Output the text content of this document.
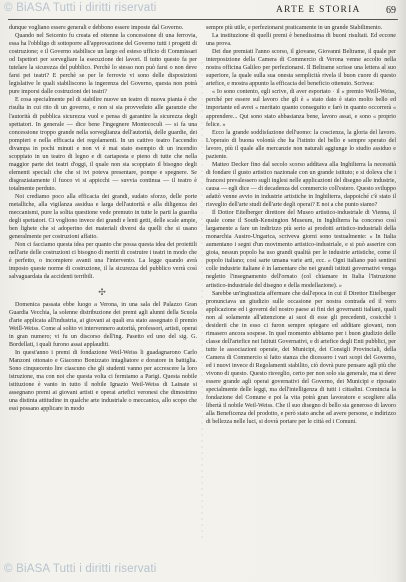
© BiASA Tutti i diritti riservati	ARTE E STORIA	69

dunque vogliano essere generali e debbono essere imposte dal Governo.

Quando nel Seicento fu creata ed ottenne la concessione di una ferrovia, essa ha l'obbligo di sottoporre all'approvazione del Governo tutti i progetti di costruzione; e il Governo stabilisce un largo ed esteso ufficio di Commissari od Ispettori per sorvegliare la esecuzione dei lavori. Il tutto questo fa per tutelare la sicurezza del pubblico. Perchè lo stesso non può farsi o non deve farsi pei teatri? E perchè se per le ferrovie vi sono delle disposizioni legislative le quali stabiliscono la ingerenza del Governo, questa non potrà pure imporsi dalle costruzioni dei teatri?

E cosa specialmente pel di stabilire nuove un teatro di nuova pianta è che risulta in cui rito di un governo, e non si sia provveduto alle garanzie che l'autorità di pubblica sicurezza vuol e pensa di garantire la sicurezza degli spettatori. In generale — dice bene l'ingegnere Montecoculi — si fa una concessione troppo grande nella sorveglianza dell'autorità, delle guardie, dei pompieri e nella efficacia dei regolamenti. In un cattivo teatro l'accendio divampa in pochi minuti e non vi è mai stato esempio di un incendio scoppiato in un teatro di legno e di cartapesta e pieno di tutte che nella maggior parte dei teatri d'oggi, il quale non sia scoppiato il bisogno degli elementi speciali che che si ivi poteva presentare, pompe e spegnere. Se disgraziatamente il fuoco vi si appicchi — suvvia continua — il teatro è totalmente perduto.

Noi crediamo poco alla efficacia dei grandi, sudato sforzo, delle porte metalliche, alla vigilanza assidua e larga dell'autorità e alla diligenza dei meccanismi, pure la solita questione vede premuto in tutte le parti la guardia degli spettatori. Ci vogliono invece dei grandi e lenti getti, delle scale ampie, ben lighete che si adoperino dei materiali diversi da quelli che si usano generalmente per costruzioni affatto.

Non ci facciamo questa idea per quanto che possa questa idea dei proiettili nell'arte delle costruzioni ci bisogno di meriti di costruire i teatri in modo che è perfetto, o incompiere avanti una l'intervento. La legge quando avrà imposto queste norme di costruzione, il la sicurezza del pubblico verrà così salvaguardata da accidenti terribili.

✣

Domenica passata ebbe luogo a Verona, in una sala del Palazzo Gran Guardia Vecchia, la solenne distribuzione dei premi agli alunni della Scuola d'arte applicata all'industria, ai giovani ai quali era stato assegnato il premio Weill-Weiss. Come al solito vi intervennero autorità, professori, artisti, operai in gran numero; vi fu un discorso dell'ing. Pasetto ed uno del sig. G. Bordellati, i quali furono assai applauditi.

In quest'anno i premi di fondazione Weil-Weiss li guadagnarono Carlo Manzoni ottonaio e Giacomo Bonizzato intagliatore e doratore in battiglia. Sono cinquecento lire ciascuno che gli studenti vanno per accrescere la loro istruzione, ma con noi che questa volta ci fermiamo a Parigi. Questa nobile istituzione è vanto in tutto il nobile Ignazio Weil-Weiss di Lainate si assegnano premi ai giovani artisti e operai artefici veronesi che dimostrino una distinta attitudine in qualche arte industriale o meccanica, allo scopo che essi possano applicare in modo

sempre più utile, e perfezionarsi praticamente in un grande Stabilimento.

La instituzione di quelli premi è benedissima di buoni risultati. Ed eccone una prova.

Dei due premiati l'anno scorso, il giovane, Giovanni Beltrame, il quale per interposizione della Camera di Commercio di Verona venne accolto nella nostra officina Galileo per perfezionarsi. Il Beltrame scrisse una lettera al suo superiore, la quale sulla sua onesta semplicità rivela il buon cuore di questo artefice, e mostra appunto la efficacia del beneficio ottenuto. Scrivea:

« Io sono contento, egli scrive, di aver esportato · il « premio Weill-Weiss, perché per essere sul lavoro che gli è « stato dato è stato molto bello ed importante ed avrei « meritato quanto conseguito e farò in quanto occorrerà « apprendere... Qui sono stato abbastanza bene, lavoro assai, e sono « proprio felice. »

Ecco la grande soddisfazione dell'uomo: la coscienza, la gloria del lavoro. L'operaio di buona volontà che ha l'istinto del bello e sempre sperato del lavoro, più il quale alle mercanzie non naturali aggiunge lo studio assiduo e paziente.

Matteo Decker fino dal secolo scorso additava alla Inghilterra la necessità di fondare il gusto artistico nazionale con un grande istituto; e si doleva che i francesi prevalessero sugli inglesi nelle applicazioni del disegno alle industrie, causa — egli dice — di decadenza del commercio coll'estero. Questo sviluppo adattò venne avvio in industrie artistiche in Inghilterra, dappoiché c'è stato il risveglio dell'arte studi dell'arte degli operai? E noi a che punto siamo?

Il Dottor Eitelberger direttore del Museo artistico-industriale di Vienna, il quale come il South-Kensington Museum, in Inghilterra ha concorso così largamente a fare un indirizzo più serio ai prodotti artistico-industriali della monarchia Austro-Ungarica, scriveva giorni sono testualmente: « In Italia aumentano i segni d'un movimento artistico-industriale, e si può asserire con gioia, nessun popolo ha uso grandi qualità per le industrie artistiche, come il popolo italiano; così sarte umana varie arti, ecc. » Ogni italiano può sentirsi colle industrie italiane è in lamentare che nei grandi istituti governativi venga negletto l'insegnamento dell'ornato (col chiamare in Italia l'Istruzione artistico-industriale del disegno e della modellazione). »

Sarebbe un'ingiustizia affermare che dall'epoca in cui il Direttor Eitelberger pronunciava un giudizio sulle occasione per nostra contrada ed il vero applicazione ed i governi del nostro paese ai fini dei governanti italiani, quali non al solamente all'attenzione ai suoi di esse gli precedenti, cosicchè i desiderii che in esso ci furon sempre spiegare ed additare giovani, non rimasero ancora sospese. In quel momento abbiamo per i buon giudizio delle classe dell'artefice nei Istituti Governativi, e di artefice degli Enti pubblici, per tutte le associazioni operaie, dei Municipi, dei Consigli Provinciali, della Camera di Commercio sì fatto stanza che dicessero i vari scopi del Governo, ed i nuovi invece di Regolamenti stabilito, ciò dovrà pure pensare agli più che vivono di questo. Questo risveglio, certo per non solo sia generale, ma si deve essere grande agli operai governativi del Governo, dei Municipi e riposato specialmente delle leggi, ma dell'intelligenza di tutti i cittadini. Comincia la fondazione del Comune e poi la vita potrà gran lavoratore e scegliere alla libertà il nobile Weil-Weiss. Che il suo disegno di bello sia generoso di lavoro alla Beneficenza del prodotto, e però stato anche ad avere persone, e indirizzo di bellezza nelle luci, si dovrà portare per le città ed i Comuni.

© BiASA Tutti i diritti riservati
